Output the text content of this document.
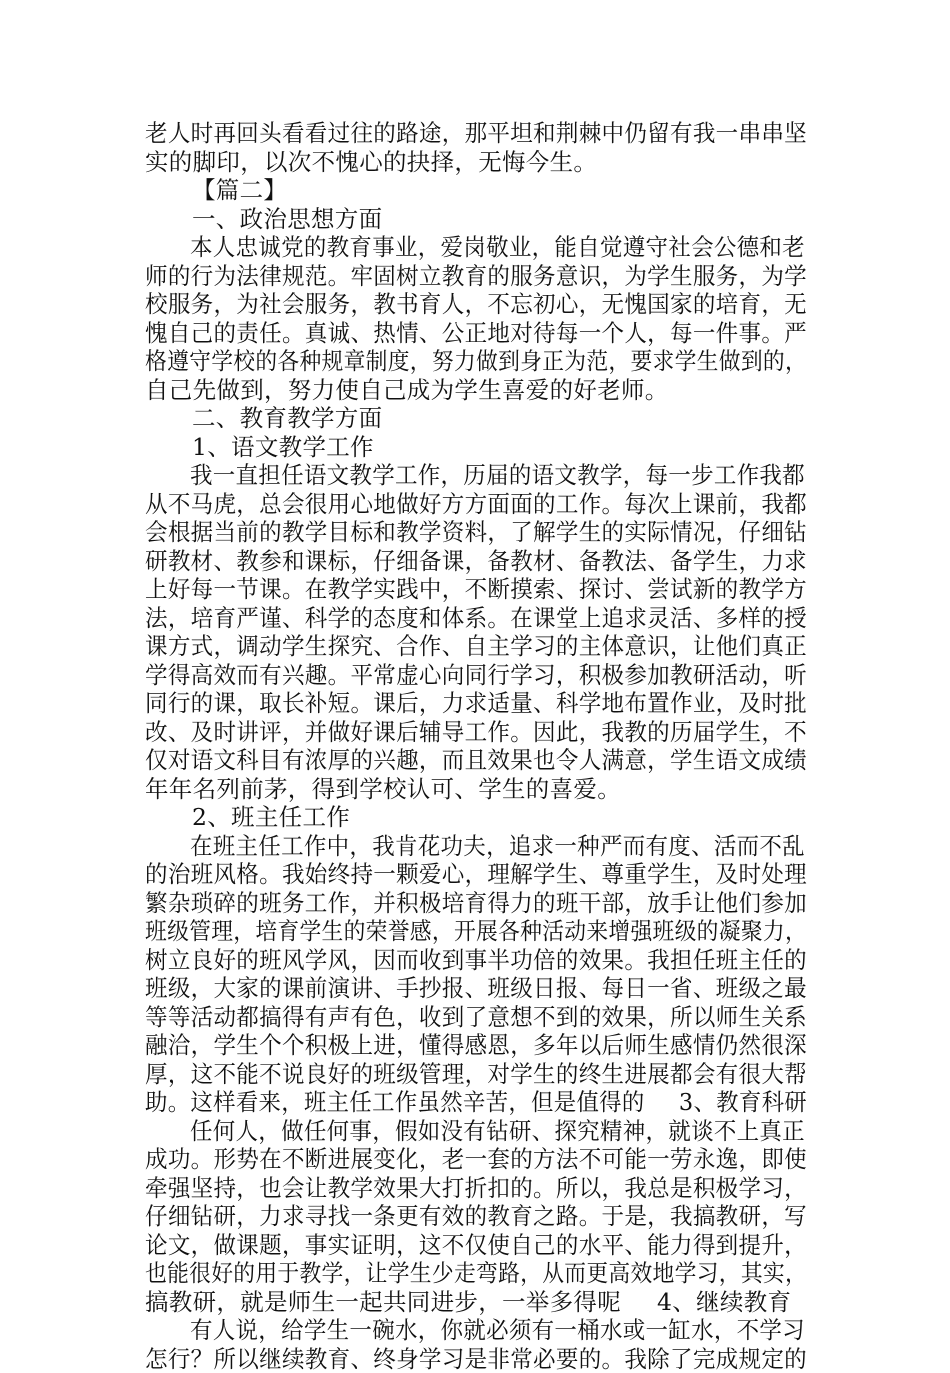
老人时再回头看看过往的路途，那平坦和荆棘中仍留有我一串串坚
实的脚印，以次不愧心的抉择，无悔今生。
【篇二】
一、政治思想方面
本人忠诚党的教育事业，爱岗敬业，能自觉遵守社会公德和老
师的行为法律规范。牢固树立教育的服务意识，为学生服务，为学
校服务，为社会服务，教书育人，不忘初心，无愧国家的培育，无
愧自己的责任。真诚、热情、公正地对待每一个人，每一件事。严
格遵守学校的各种规章制度，努力做到身正为范，要求学生做到的，
自己先做到，努力使自己成为学生喜爱的好老师。
二、教育教学方面
1、语文教学工作
我一直担任语文教学工作，历届的语文教学，每一步工作我都
从不马虎，总会很用心地做好方方面面的工作。每次上课前，我都
会根据当前的教学目标和教学资料，了解学生的实际情况，仔细钻
研教材、教参和课标，仔细备课，备教材、备教法、备学生，力求
上好每一节课。在教学实践中，不断摸索、探讨、尝试新的教学方
法，培育严谨、科学的态度和体系。在课堂上追求灵活、多样的授
课方式，调动学生探究、合作、自主学习的主体意识，让他们真正
学得高效而有兴趣。平常虚心向同行学习，积极参加教研活动，听
同行的课，取长补短。课后，力求适量、科学地布置作业，及时批
改、及时讲评，并做好课后辅导工作。因此，我教的历届学生，不
仅对语文科目有浓厚的兴趣，而且效果也令人满意，学生语文成绩
年年名列前茅，得到学校认可、学生的喜爱。
2、班主任工作
在班主任工作中，我肯花功夫，追求一种严而有度、活而不乱
的治班风格。我始终持一颗爱心，理解学生、尊重学生，及时处理
繁杂琐碎的班务工作，并积极培育得力的班干部，放手让他们参加
班级管理，培育学生的荣誉感，开展各种活动来增强班级的凝聚力，
树立良好的班风学风，因而收到事半功倍的效果。我担任班主任的
班级，大家的课前演讲、手抄报、班级日报、每日一省、班级之最
等等活动都搞得有声有色，收到了意想不到的效果，所以师生关系
融洽，学生个个积极上进，懂得感恩，多年以后师生感情仍然很深
厚，这不能不说良好的班级管理，对学生的终生进展都会有很大帮
助。这样看来，班主任工作虽然辛苦，但是值得的 3、教育科研
任何人，做任何事，假如没有钻研、探究精神，就谈不上真正
成功。形势在不断进展变化，老一套的方法不可能一劳永逸，即使
牵强坚持，也会让教学效果大打折扣的。所以，我总是积极学习，
仔细钻研，力求寻找一条更有效的教育之路。于是，我搞教研，写
论文，做课题，事实证明，这不仅使自己的水平、能力得到提升，
也能很好的用于教学，让学生少走弯路，从而更高效地学习，其实，
搞教研，就是师生一起共同进步，一举多得呢 4、继续教育
有人说，给学生一碗水，你就必须有一桶水或一缸水，不学习
怎行？所以继续教育、终身学习是非常必要的。我除了完成规定的
